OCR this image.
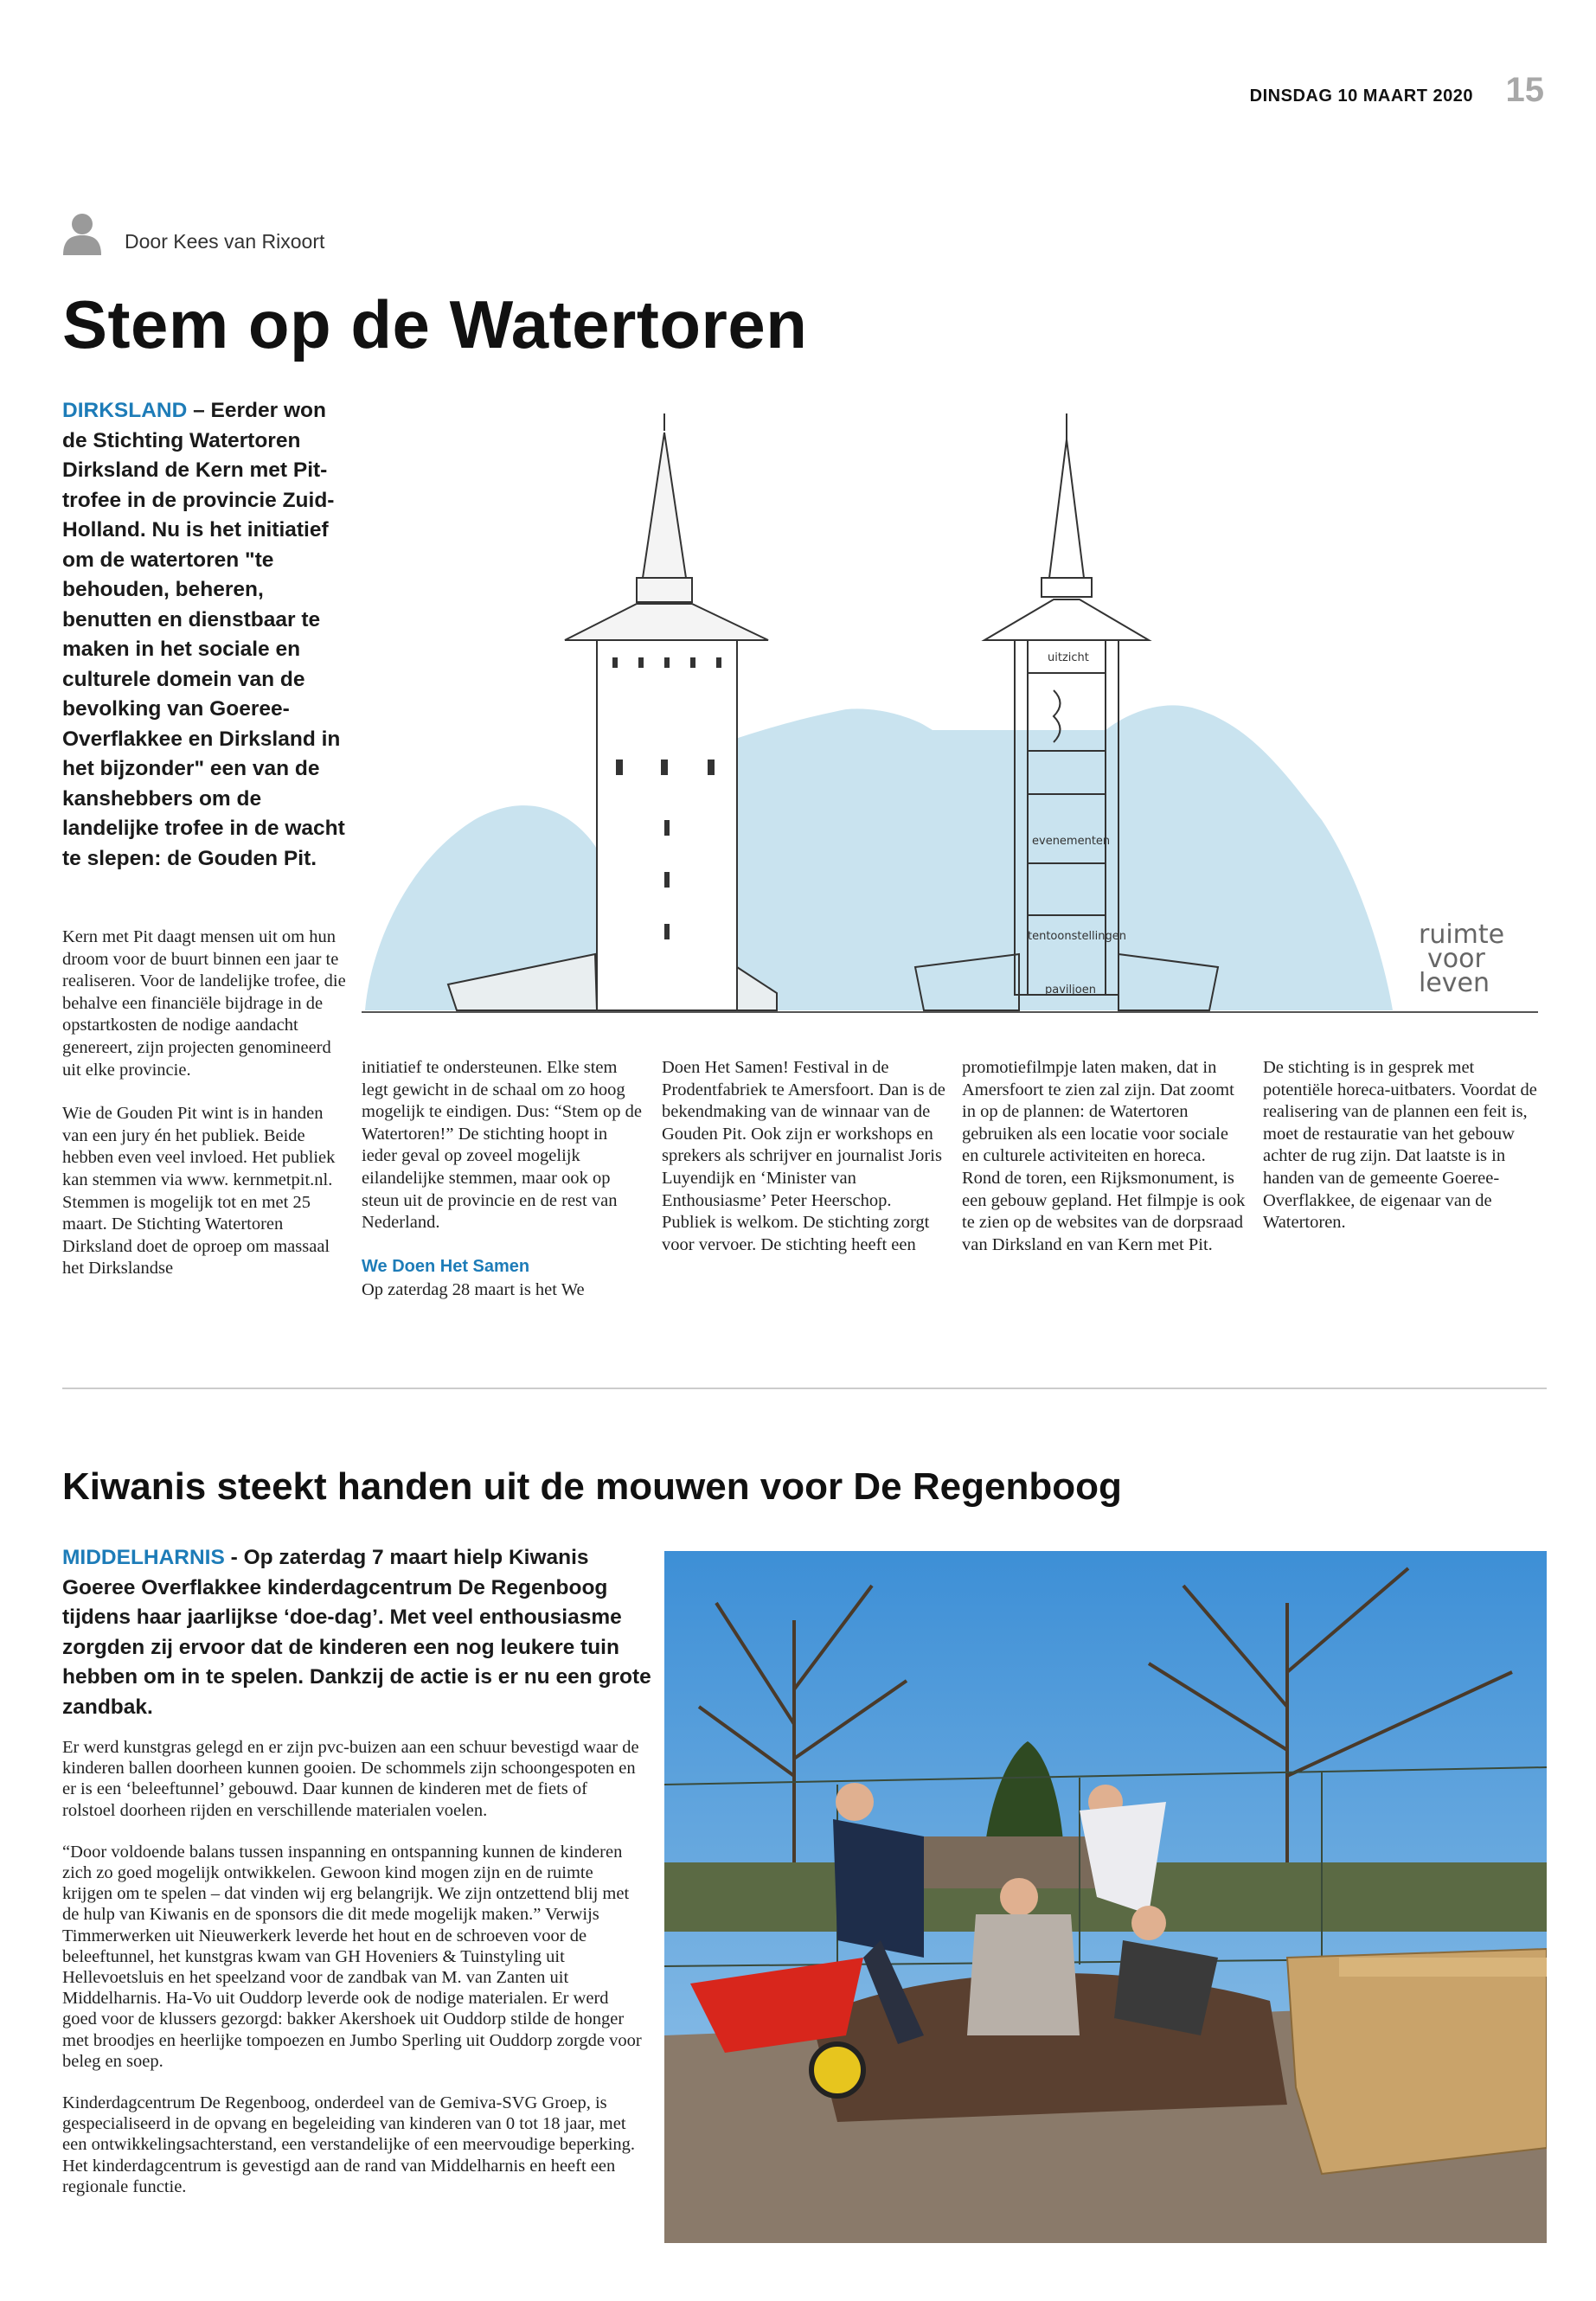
DINSDAG 10 MAART 2020 15
Door Kees van Rixoort
Stem op de Watertoren
DIRKSLAND – Eerder won de Stichting Watertoren Dirksland de Kern met Pit-trofee in de provincie Zuid-Holland. Nu is het initiatief om de watertoren "te behouden, beheren, benutten en dienstbaar te maken in het sociale en culturele domein van de bevolking van Goeree-Overflakkee en Dirksland in het bijzonder" een van de kanshebbers om de landelijke trofee in de wacht te slepen: de Gouden Pit.

Kern met Pit daagt mensen uit om hun droom voor de buurt binnen een jaar te realiseren. Voor de landelijke trofee, die behalve een financiële bijdrage in de opstartkosten de nodige aandacht genereert, zijn projecten genomineerd uit elke provincie.

Wie de Gouden Pit wint is in handen van een jury én het publiek. Beide hebben even veel invloed. Het publiek kan stemmen via www. kernmetpit.nl. Stemmen is mogelijk tot en met 25 maart. De Stichting Watertoren Dirksland doet de oproep om massaal het Dirkslandse

initiatief te ondersteunen. Elke stem legt gewicht in de schaal om zo hoog mogelijk te eindigen. Dus: “Stem op de Watertoren!” De stichting hoopt in ieder geval op zoveel mogelijk eilandelijke stemmen, maar ook op steun uit de provincie en de rest van Nederland.

We Doen Het Samen

Op zaterdag 28 maart is het We

Doen Het Samen! Festival in de Prodentfabriek te Amersfoort. Dan is de bekendmaking van de winnaar van de Gouden Pit. Ook zijn er workshops en sprekers als schrijver en journalist Joris Luyendijk en ‘Minister van Enthousiasme’ Peter Heerschop. Publiek is welkom. De stichting zorgt voor vervoer. De stichting heeft een

promotiefilmpje laten maken, dat in Amersfoort te zien zal zijn. Dat zoomt in op de plannen: de Watertoren gebruiken als een locatie voor sociale en culturele activiteiten en horeca. Rond de toren, een Rijksmonument, is een gebouw gepland. Het filmpje is ook te zien op de websites van de dorpsraad van Dirksland en van Kern met Pit.

De stichting is in gesprek met potentiële horeca-uitbaters. Voordat de realisering van de plannen een feit is, moet de restauratie van het gebouw achter de rug zijn. Dat laatste is in handen van de gemeente Goeree-Overflakkee, de eigenaar van de Watertoren.

uitzicht
evenementen
tentoonstellingen
paviljoen
ruimte
voor
leven
Kiwanis steekt handen uit de mouwen voor De Regenboog
MIDDELHARNIS - Op zaterdag 7 maart hielp Kiwanis Goeree Overflakkee kinderdagcentrum De Regenboog tijdens haar jaarlijkse ‘doe-dag’. Met veel enthousiasme zorgden zij ervoor dat de kinderen een nog leukere tuin hebben om in te spelen. Dankzij de actie is er nu een grote zandbak.

Er werd kunstgras gelegd en er zijn pvc-buizen aan een schuur bevestigd waar de kinderen ballen doorheen kunnen gooien. De schommels zijn schoongespoten en er is een ‘beleeftunnel’ gebouwd. Daar kunnen de kinderen met de fiets of rolstoel doorheen rijden en verschillende materialen voelen.

“Door voldoende balans tussen inspanning en ontspanning kunnen de kinderen zich zo goed mogelijk ontwikkelen. Gewoon kind mogen zijn en de ruimte krijgen om te spelen – dat vinden wij erg belangrijk. We zijn ontzettend blij met de hulp van Kiwanis en de sponsors die dit mede mogelijk maken.” Verwijs Timmerwerken uit Nieuwerkerk leverde het hout en de schroeven voor de beleeftunnel, het kunstgras kwam van GH Hoveniers & Tuinstyling uit Hellevoetsluis en het speelzand voor de zandbak van M. van Zanten uit Middelharnis. Ha-Vo uit Ouddorp leverde ook de nodige materialen. Er werd goed voor de klussers gezorgd: bakker Akershoek uit Ouddorp stilde de honger met broodjes en heerlijke tompoezen en Jumbo Sperling uit Ouddorp zorgde voor beleg en soep.

Kinderdagcentrum De Regenboog, onderdeel van de Gemiva-SVG Groep, is gespecialiseerd in de opvang en begeleiding van kinderen van 0 tot 18 jaar, met een ontwikkelingsachterstand, een verstandelijke of een meervoudige beperking. Het kinderdagcentrum is gevestigd aan de rand van Middelharnis en heeft een regionale functie.
